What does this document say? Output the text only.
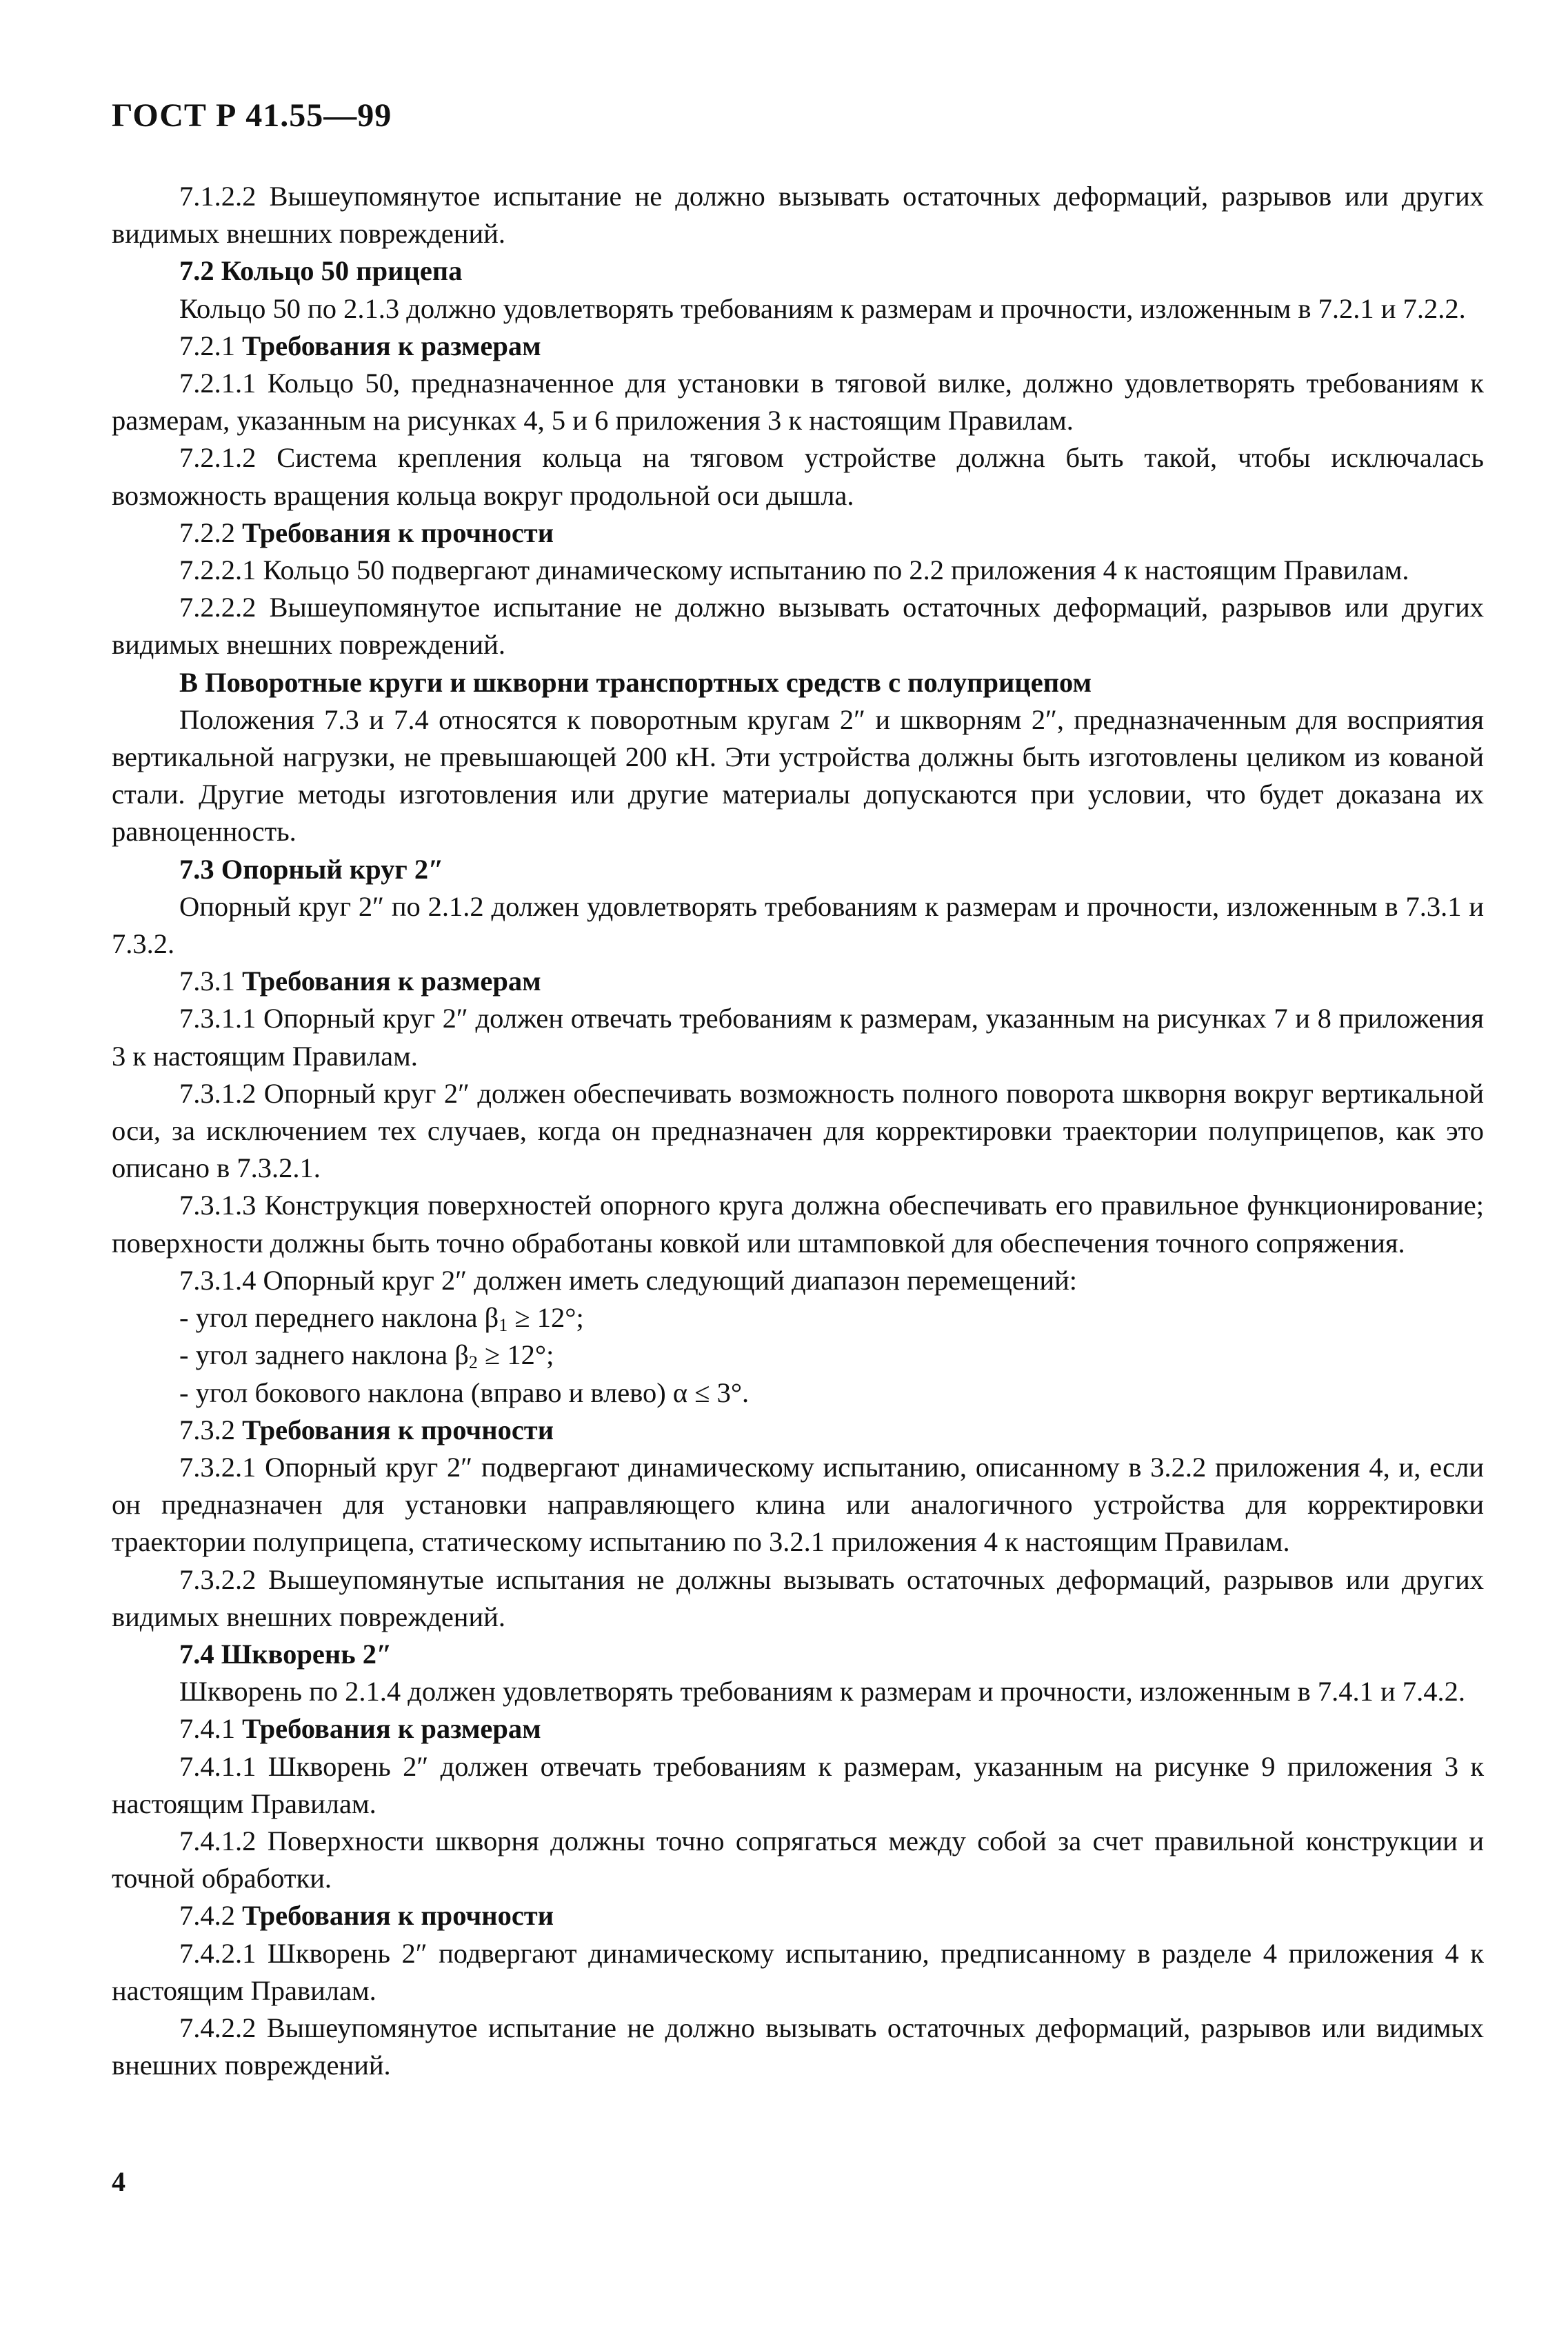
ГОСТ Р 41.55—99

7.1.2.2 Вышеупомянутое испытание не должно вызывать остаточных деформаций, разрывов или других видимых внешних повреждений.

7.2 Кольцо 50 прицепа

Кольцо 50 по 2.1.3 должно удовлетворять требованиям к размерам и прочности, изложенным в 7.2.1 и 7.2.2.

7.2.1 Требования к размерам

7.2.1.1 Кольцо 50, предназначенное для установки в тяговой вилке, должно удовлетворять требованиям к размерам, указанным на рисунках 4, 5 и 6 приложения 3 к настоящим Правилам.

7.2.1.2 Система крепления кольца на тяговом устройстве должна быть такой, чтобы исключалась возможность вращения кольца вокруг продольной оси дышла.

7.2.2 Требования к прочности

7.2.2.1 Кольцо 50 подвергают динамическому испытанию по 2.2 приложения 4 к настоящим Правилам.

7.2.2.2 Вышеупомянутое испытание не должно вызывать остаточных деформаций, разрывов или других видимых внешних повреждений.

В Поворотные круги и шкворни транспортных средств с полуприцепом

Положения 7.3 и 7.4 относятся к поворотным кругам 2″ и шкворням 2″, предназначенным для восприятия вертикальной нагрузки, не превышающей 200 кН. Эти устройства должны быть изготовлены целиком из кованой стали. Другие методы изготовления или другие материалы допускаются при условии, что будет доказана их равноценность.

7.3 Опорный круг 2″

Опорный круг 2″ по 2.1.2 должен удовлетворять требованиям к размерам и прочности, изложенным в 7.3.1 и 7.3.2.

7.3.1 Требования к размерам

7.3.1.1 Опорный круг 2″ должен отвечать требованиям к размерам, указанным на рисунках 7 и 8 приложения 3 к настоящим Правилам.

7.3.1.2 Опорный круг 2″ должен обеспечивать возможность полного поворота шкворня вокруг вертикальной оси, за исключением тех случаев, когда он предназначен для корректировки траектории полуприцепов, как это описано в 7.3.2.1.

7.3.1.3 Конструкция поверхностей опорного круга должна обеспечивать его правильное функционирование; поверхности должны быть точно обработаны ковкой или штамповкой для обеспечения точного сопряжения.

7.3.1.4 Опорный круг 2″ должен иметь следующий диапазон перемещений:

- угол переднего наклона $\beta_1 \ge 12^\circ$;

- угол заднего наклона $\beta_2 \ge 12^\circ$;

- угол бокового наклона (вправо и влево) α ≤ 3°.

7.3.2 Требования к прочности

7.3.2.1 Опорный круг 2″ подвергают динамическому испытанию, описанному в 3.2.2 приложения 4, и, если он предназначен для установки направляющего клина или аналогичного устройства для корректировки траектории полуприцепа, статическому испытанию по 3.2.1 приложения 4 к настоящим Правилам.

7.3.2.2 Вышеупомянутые испытания не должны вызывать остаточных деформаций, разрывов или других видимых внешних повреждений.

7.4 Шкворень 2″

Шкворень по 2.1.4 должен удовлетворять требованиям к размерам и прочности, изложенным в 7.4.1 и 7.4.2.

7.4.1 Требования к размерам

7.4.1.1 Шкворень 2″ должен отвечать требованиям к размерам, указанным на рисунке 9 приложения 3 к настоящим Правилам.

7.4.1.2 Поверхности шкворня должны точно сопрягаться между собой за счет правильной конструкции и точной обработки.

7.4.2 Требования к прочности

7.4.2.1 Шкворень 2″ подвергают динамическому испытанию, предписанному в разделе 4 приложения 4 к настоящим Правилам.

7.4.2.2 Вышеупомянутое испытание не должно вызывать остаточных деформаций, разрывов или видимых внешних повреждений.

4
